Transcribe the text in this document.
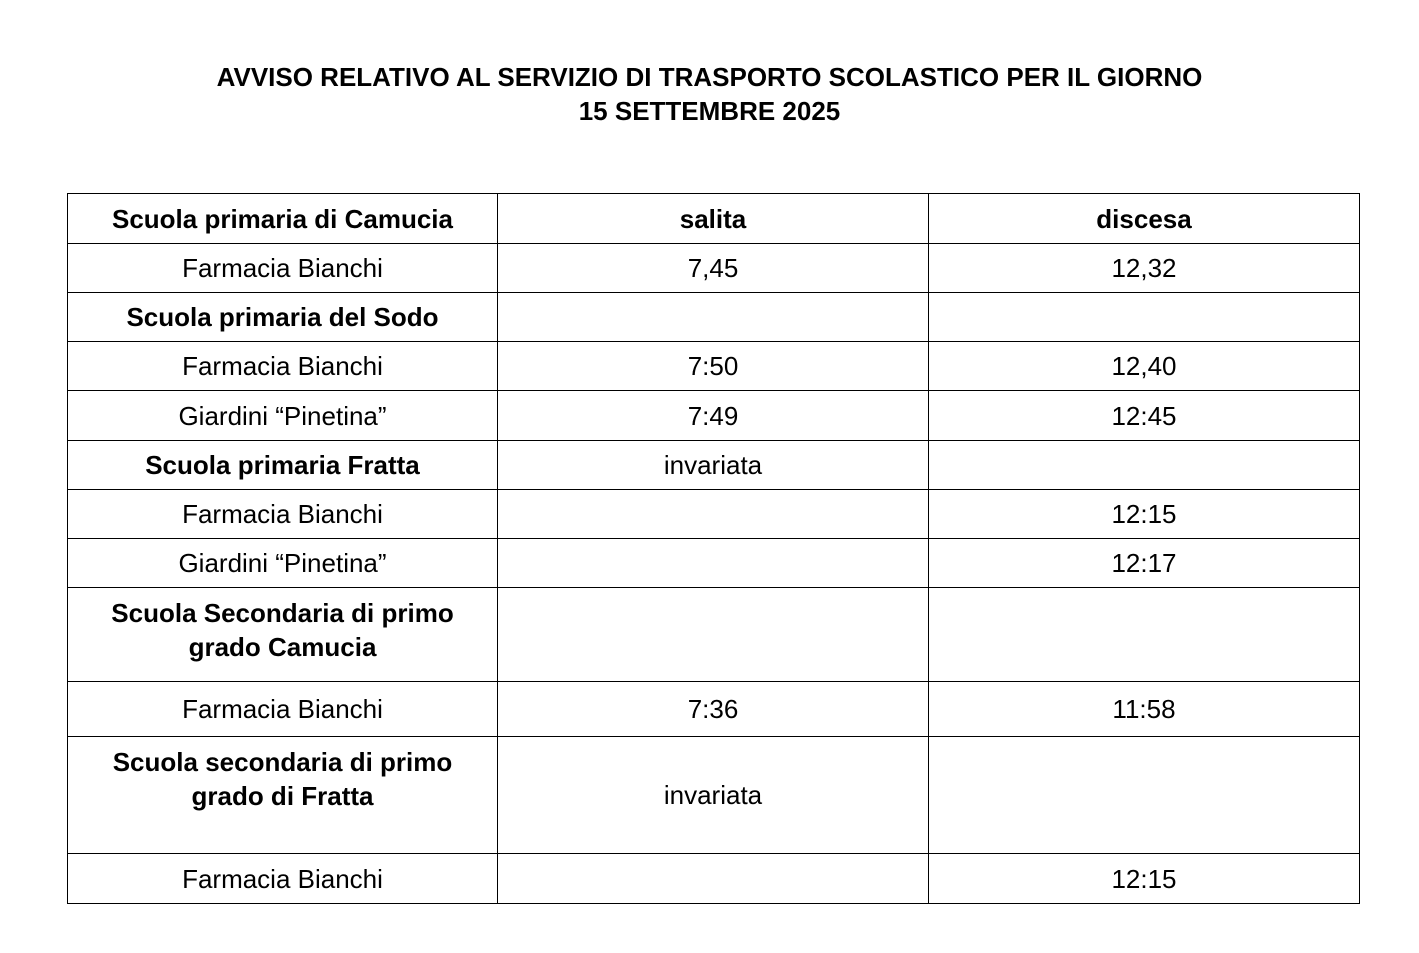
AVVISO RELATIVO AL SERVIZIO DI TRASPORTO SCOLASTICO PER IL GIORNO
15 SETTEMBRE 2025
Scuola primaria di Camucia	salita	discesa
Farmacia Bianchi	7,45	12,32
Scuola primaria del Sodo		
Farmacia Bianchi	7:50	12,40
Giardini “Pinetina”	7:49	12:45
Scuola primaria Fratta	invariata	
Farmacia Bianchi		12:15
Giardini “Pinetina”		12:17
Scuola Secondaria di primo grado Camucia		
Farmacia Bianchi	7:36	11:58
Scuola secondaria di primo grado di Fratta	invariata	
Farmacia Bianchi		12:15
